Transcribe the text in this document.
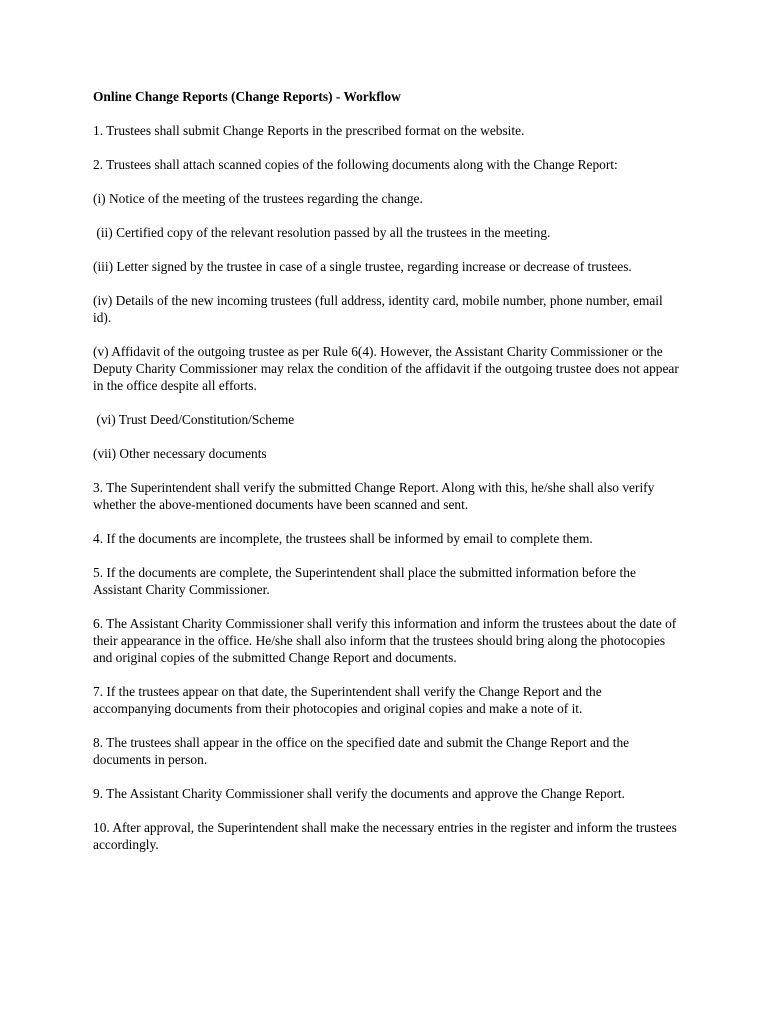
Online Change Reports (Change Reports) - Workflow
1. Trustees shall submit Change Reports in the prescribed format on the website.
2. Trustees shall attach scanned copies of the following documents along with the Change Report:
(i) Notice of the meeting of the trustees regarding the change.
(ii) Certified copy of the relevant resolution passed by all the trustees in the meeting.
(iii) Letter signed by the trustee in case of a single trustee, regarding increase or decrease of trustees.
(iv) Details of the new incoming trustees (full address, identity card, mobile number, phone number, email id).
(v) Affidavit of the outgoing trustee as per Rule 6(4). However, the Assistant Charity Commissioner or the Deputy Charity Commissioner may relax the condition of the affidavit if the outgoing trustee does not appear in the office despite all efforts.
(vi) Trust Deed/Constitution/Scheme
(vii) Other necessary documents
3. The Superintendent shall verify the submitted Change Report. Along with this, he/she shall also verify whether the above-mentioned documents have been scanned and sent.
4. If the documents are incomplete, the trustees shall be informed by email to complete them.
5. If the documents are complete, the Superintendent shall place the submitted information before the Assistant Charity Commissioner.
6. The Assistant Charity Commissioner shall verify this information and inform the trustees about the date of their appearance in the office. He/she shall also inform that the trustees should bring along the photocopies and original copies of the submitted Change Report and documents.
7. If the trustees appear on that date, the Superintendent shall verify the Change Report and the accompanying documents from their photocopies and original copies and make a note of it.
8. The trustees shall appear in the office on the specified date and submit the Change Report and the documents in person.
9. The Assistant Charity Commissioner shall verify the documents and approve the Change Report.
10. After approval, the Superintendent shall make the necessary entries in the register and inform the trustees accordingly.
